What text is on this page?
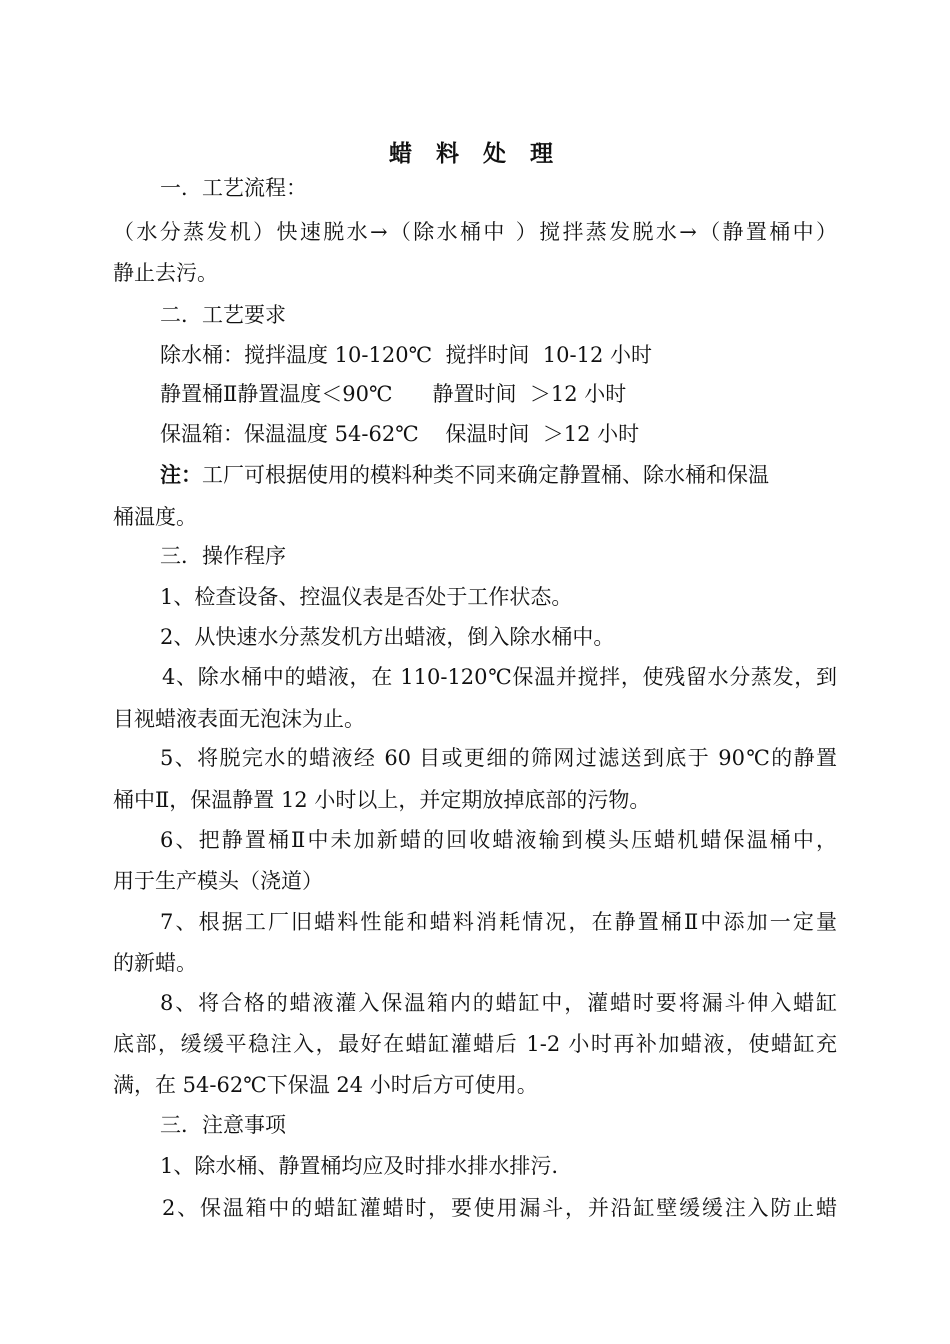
蜡 料 处 理
一．工艺流程：
（水分蒸发机）快速脱水→（除水桶中 ）搅拌蒸发脱水→（静置桶中）
静止去污。
二．工艺要求
除水桶：搅拌温度 10-120℃  搅拌时间  10-12 小时
静置桶Ⅱ静置温度＜90℃      静置时间  ＞12 小时
保温箱：保温温度 54-62℃    保温时间  ＞12 小时
注：工厂可根据使用的模料种类不同来确定静置桶、除水桶和保温
桶温度。
三．操作程序
1、检查设备、控温仪表是否处于工作状态。
2、从快速水分蒸发机方出蜡液，倒入除水桶中。
4、除水桶中的蜡液，在 110-120℃保温并搅拌，使残留水分蒸发，到
目视蜡液表面无泡沫为止。
5、将脱完水的蜡液经 60 目或更细的筛网过滤送到底于 90℃的静置
桶中Ⅱ，保温静置 12 小时以上，并定期放掉底部的污物。
6、把静置桶Ⅱ中未加新蜡的回收蜡液输到模头压蜡机蜡保温桶中，
用于生产模头（浇道）
7、根据工厂旧蜡料性能和蜡料消耗情况，在静置桶Ⅱ中添加一定量
的新蜡。
8、将合格的蜡液灌入保温箱内的蜡缸中，灌蜡时要将漏斗伸入蜡缸
底部，缓缓平稳注入，最好在蜡缸灌蜡后 1-2 小时再补加蜡液，使蜡缸充
满，在 54-62℃下保温 24 小时后方可使用。
三．注意事项
1、除水桶、静置桶均应及时排水排水排污.
2、保温箱中的蜡缸灌蜡时，要使用漏斗，并沿缸壁缓缓注入防止蜡
